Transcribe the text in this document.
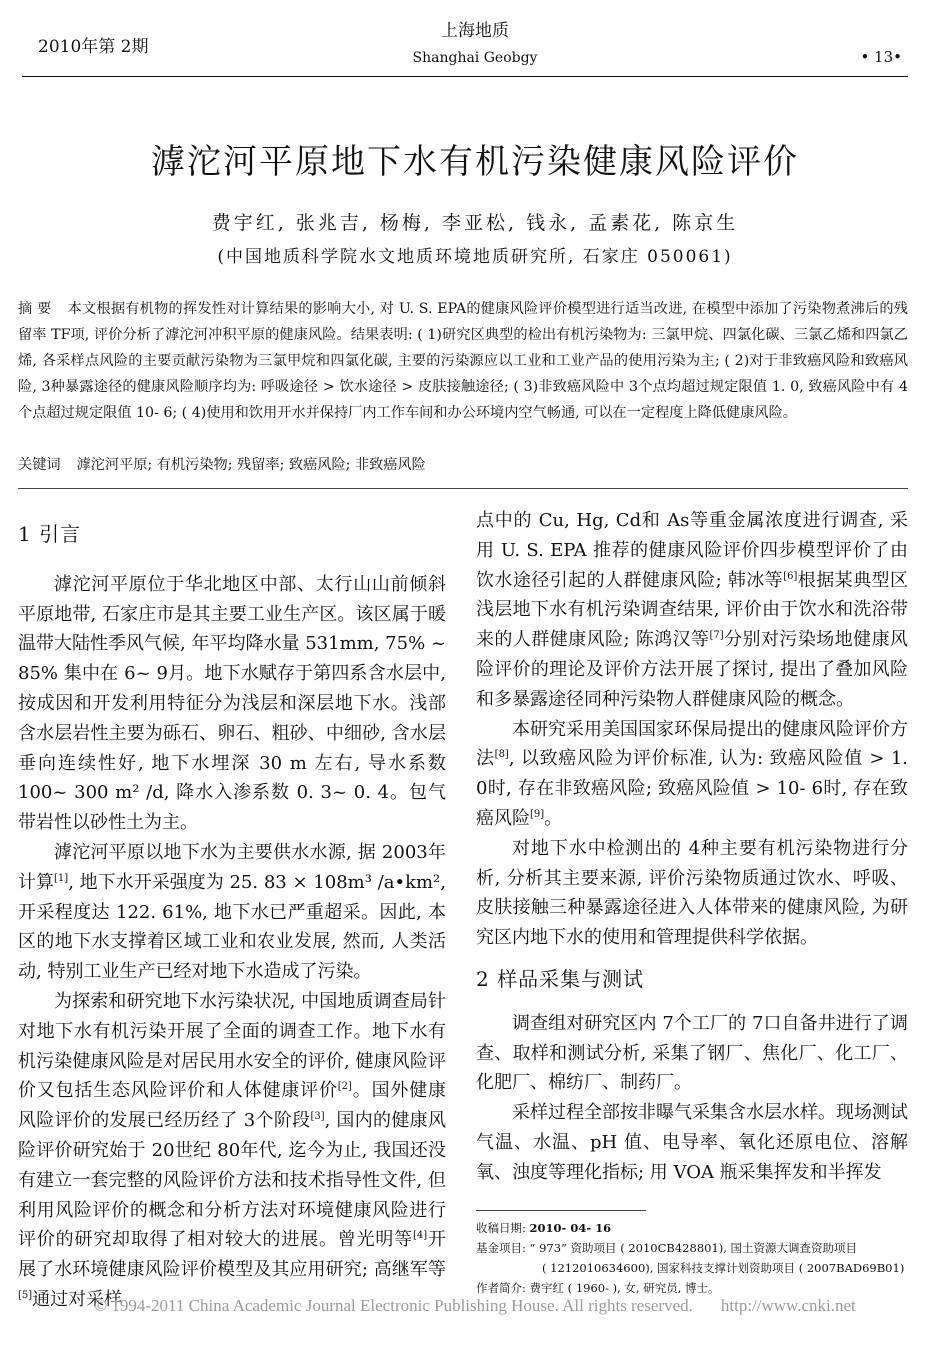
2010年第 2期
上海地质
Shanghai Geobgy	• 13•
滹沱河平原地下水有机污染健康风险评价
费宇红, 张兆吉, 杨梅, 李亚松, 钱永, 孟素花, 陈京生
(中国地质科学院水文地质环境地质研究所, 石家庄 050061)
摘 要 本文根据有机物的挥发性对计算结果的影响大小, 对 U. S. EPA的健康风险评价模型进行适当改进, 在模型中添加了污染物煮沸后的残留率 TF项, 评价分析了滹沱河冲积平原的健康风险。结果表明: ( 1)研究区典型的检出有机污染物为: 三氯甲烷、四氯化碳、三氯乙烯和四氯乙烯, 各采样点风险的主要贡献污染物为三氯甲烷和四氯化碳, 主要的污染源应以工业和工业产品的使用污染为主; ( 2)对于非致癌风险和致癌风险, 3种暴露途径的健康风险顺序均为: 呼吸途径 > 饮水途径 > 皮肤接触途径; ( 3)非致癌风险中 3个点均超过规定限值 1. 0, 致癌风险中有 4个点超过规定限值 10- 6; ( 4)使用和饮用开水并保持厂内工作车间和办公环境内空气畅通, 可以在一定程度上降低健康风险。
关键词 滹沱河平原; 有机污染物; 残留率; 致癌风险; 非致癌风险
1 引言

滹沱河平原位于华北地区中部、太行山山前倾斜平原地带, 石家庄市是其主要工业生产区。该区属于暖温带大陆性季风气候, 年平均降水量 531mm, 75% ~ 85% 集中在 6~ 9月。地下水赋存于第四系含水层中, 按成因和开发利用特征分为浅层和深层地下水。浅部含水层岩性主要为砾石、卵石、粗砂、中细砂, 含水层垂向连续性好, 地下水埋深 30 m 左右, 导水系数 100~ 300 m² /d, 降水入渗系数 0. 3~ 0. 4。包气带岩性以砂性土为主。

滹沱河平原以地下水为主要供水水源, 据 2003年计算[1], 地下水开采强度为 25. 83 × 108m³ /a•km², 开采程度达 122. 61%, 地下水已严重超采。因此, 本区的地下水支撑着区域工业和农业发展, 然而, 人类活动, 特别工业生产已经对地下水造成了污染。

为探索和研究地下水污染状况, 中国地质调查局针对地下水有机污染开展了全面的调查工作。地下水有机污染健康风险是对居民用水安全的评价, 健康风险评价又包括生态风险评价和人体健康评价[2]。国外健康风险评价的发展已经历经了 3个阶段[3], 国内的健康风险评价研究始于 20世纪 80年代, 迄今为止, 我国还没有建立一套完整的风险评价方法和技术指导性文件, 但利用风险评价的概念和分析方法对环境健康风险进行评价的研究却取得了相对较大的进展。曾光明等[4]开展了水环境健康风险评价模型及其应用研究; 高继军等[5]通过对采样

点中的 Cu, Hg, Cd和 As等重金属浓度进行调查, 采用 U. S. EPA 推荐的健康风险评价四步模型评价了由饮水途径引起的人群健康风险; 韩冰等[6]根据某典型区浅层地下水有机污染调查结果, 评价由于饮水和洗浴带来的人群健康风险; 陈鸿汉等[7]分别对污染场地健康风险评价的理论及评价方法开展了探讨, 提出了叠加风险和多暴露途径同种污染物人群健康风险的概念。

本研究采用美国国家环保局提出的健康风险评价方法[8], 以致癌风险为评价标准, 认为: 致癌风险值 > 1. 0时, 存在非致癌风险; 致癌风险值 > 10- 6时, 存在致癌风险[9]。

对地下水中检测出的 4种主要有机污染物进行分析, 分析其主要来源, 评价污染物质通过饮水、呼吸、皮肤接触三种暴露途径进入人体带来的健康风险, 为研究区内地下水的使用和管理提供科学依据。

2 样品采集与测试

调查组对研究区内 7个工厂的 7口自备井进行了调查、取样和测试分析, 采集了钢厂、焦化厂、化工厂、化肥厂、棉纺厂、制药厂。

采样过程全部按非曝气采集含水层水样。现场测试气温、水温、pH 值、电导率、氧化还原电位、溶解氧、浊度等理化指标; 用 VOA 瓶采集挥发和半挥发

收稿日期: 2010- 04- 16

基金项目: “ 973” 资助项目 ( 2010CB428801), 国土资源大调查资助项目

( 1212010634600), 国家科技支撑计划资助项目 ( 2007BAD69B01)

作者简介: 费宇红 ( 1960- ), 女, 研究员, 博士。

© 1994-2011 China Academic Journal Electronic Publishing House. All rights reserved. http://www.cnki.net
